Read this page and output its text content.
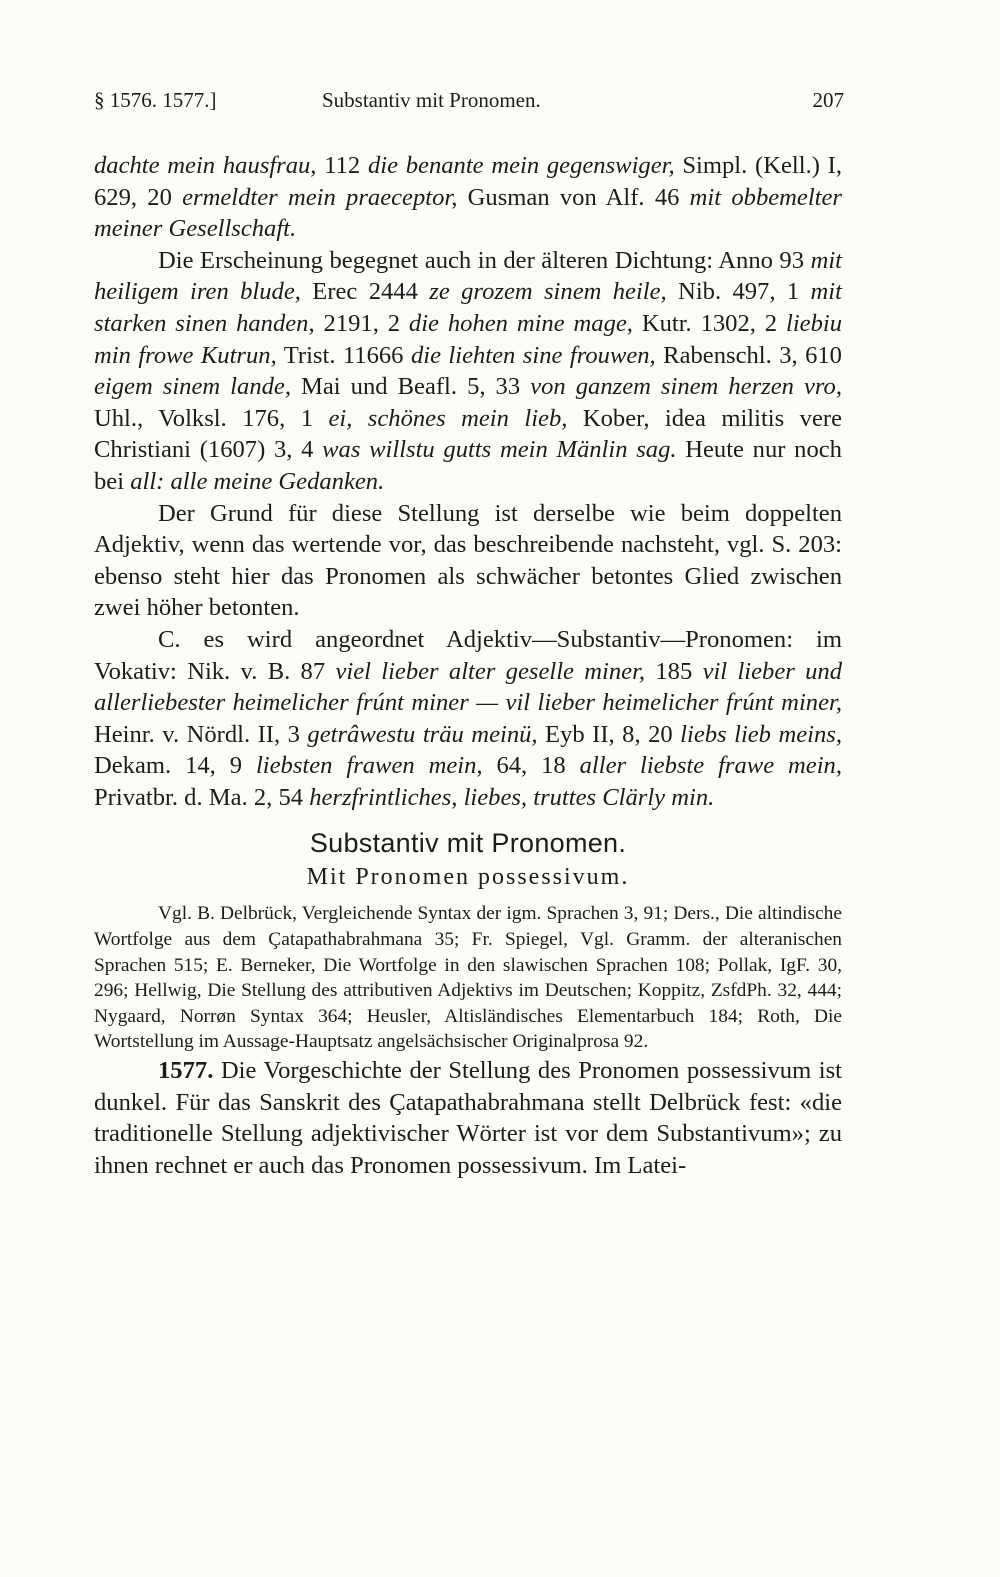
§ 1576. 1577.]	Substantiv mit Pronomen.	207

dachte mein hausfrau, 112 die benante mein gegenswiger, Simpl. (Kell.) I, 629, 20 ermeldter mein praeceptor, Gusman von Alf. 46 mit obbemelter meiner Gesellschaft.

Die Erscheinung begegnet auch in der älteren Dichtung: Anno 93 mit heiligem iren blude, Erec 2444 ze grozem sinem heile, Nib. 497, 1 mit starken sinen handen, 2191, 2 die hohen mine mage, Kutr. 1302, 2 liebiu min frowe Kutrun, Trist. 11666 die liehten sine frouwen, Rabenschl. 3, 610 eigem sinem lande, Mai und Beafl. 5, 33 von ganzem sinem herzen vro, Uhl., Volksl. 176, 1 ei, schönes mein lieb, Kober, idea militis vere Christiani (1607) 3, 4 was willstu gutts mein Mänlin sag. Heute nur noch bei all: alle meine Gedanken.

Der Grund für diese Stellung ist derselbe wie beim doppelten Adjektiv, wenn das wertende vor, das beschreibende nachsteht, vgl. S. 203: ebenso steht hier das Pronomen als schwächer betontes Glied zwischen zwei höher betonten.

C. es wird angeordnet Adjektiv—Substantiv—Pronomen: im Vokativ: Nik. v. B. 87 viel lieber alter geselle miner, 185 vil lieber und allerliebester heimelicher frúnt miner — vil lieber heimelicher frúnt miner, Heinr. v. Nördl. II, 3 getrâwestu träu meinü, Eyb II, 8, 20 liebs lieb meins, Dekam. 14, 9 liebsten frawen mein, 64, 18 aller liebste frawe mein, Privatbr. d. Ma. 2, 54 herzfrintliches, liebes, truttes Clärly min.

Substantiv mit Pronomen.
Mit Pronomen possessivum.

Vgl. B. Delbrück, Vergleichende Syntax der igm. Sprachen 3, 91; Ders., Die altindische Wortfolge aus dem Çatapathabrahmana 35; Fr. Spiegel, Vgl. Gramm. der alteranischen Sprachen 515; E. Berneker, Die Wortfolge in den slawischen Sprachen 108; Pollak, IgF. 30, 296; Hellwig, Die Stellung des attributiven Adjektivs im Deutschen; Koppitz, ZsfdPh. 32, 444; Nygaard, Norrøn Syntax 364; Heusler, Altisländisches Elementarbuch 184; Roth, Die Wortstellung im Aussage-Hauptsatz angelsächsischer Originalprosa 92.

1577. Die Vorgeschichte der Stellung des Pronomen possessivum ist dunkel. Für das Sanskrit des Çatapathabrahmana stellt Delbrück fest: «die traditionelle Stellung adjektivischer Wörter ist vor dem Substantivum»; zu ihnen rechnet er auch das Pronomen possessivum. Im Latei-
